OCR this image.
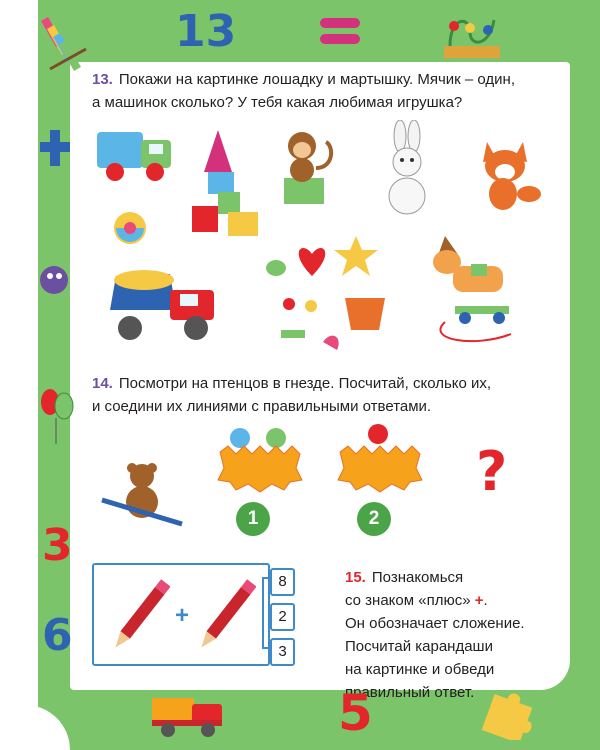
13
3
6
13. Покажи на картинке лошадку и мартышку. Мячик – один,
а машинок сколько? У тебя какая любимая игрушка?
14. Посмотри на птенцов в гнезде. Посчитай, сколько их,
и соедини их линиями с правильными ответами.
?
1	2
+
8
2
3
15. Познакомься
со знаком «плюс» +.
Он обозначает сложение.
Посчитай карандаши
на картинке и обведи
правильный ответ.
5
